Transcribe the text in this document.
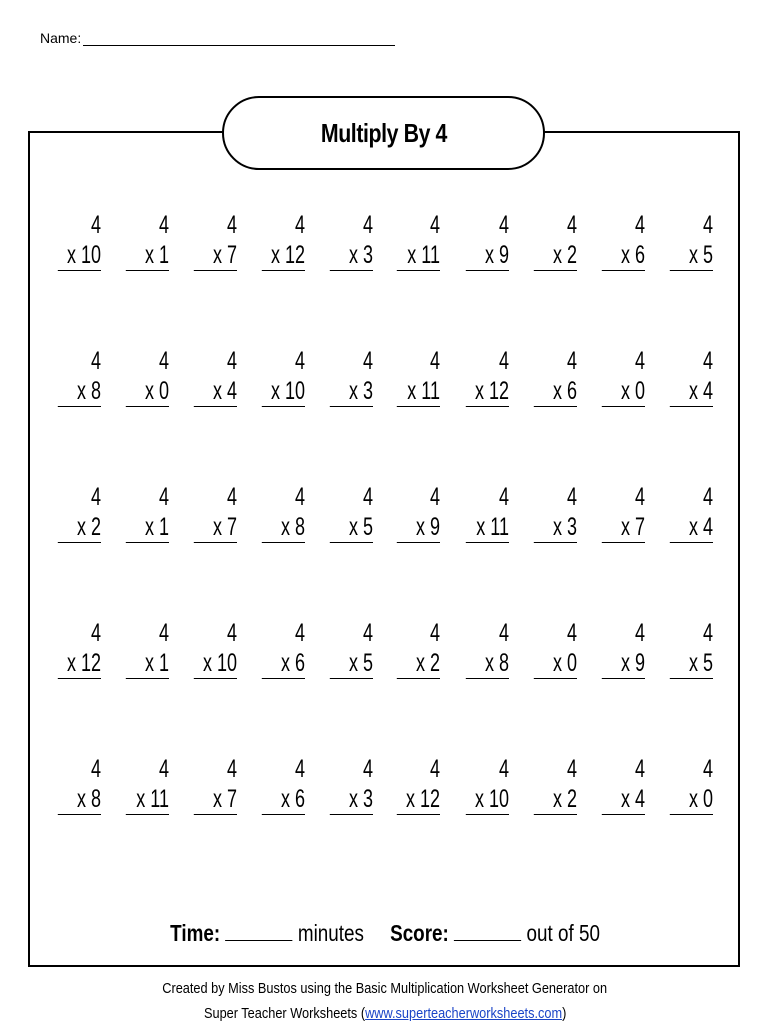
Name:
Multiply By 4
4
x 10
4
x 1
4
x 7
4
x 12
4
x 3
4
x 11
4
x 9
4
x 2
4
x 6
4
x 5
4
x 8
4
x 0
4
x 4
4
x 10
4
x 3
4
x 11
4
x 12
4
x 6
4
x 0
4
x 4
4
x 2
4
x 1
4
x 7
4
x 8
4
x 5
4
x 9
4
x 11
4
x 3
4
x 7
4
x 4
4
x 12
4
x 1
4
x 10
4
x 6
4
x 5
4
x 2
4
x 8
4
x 0
4
x 9
4
x 5
4
x 8
4
x 11
4
x 7
4
x 6
4
x 3
4
x 12
4
x 10
4
x 2
4
x 4
4
x 0
Time:	minutes Score:	out of 50
Created by Miss Bustos using the Basic Multiplication Worksheet Generator on
Super Teacher Worksheets (www.superteacherworksheets.com)
